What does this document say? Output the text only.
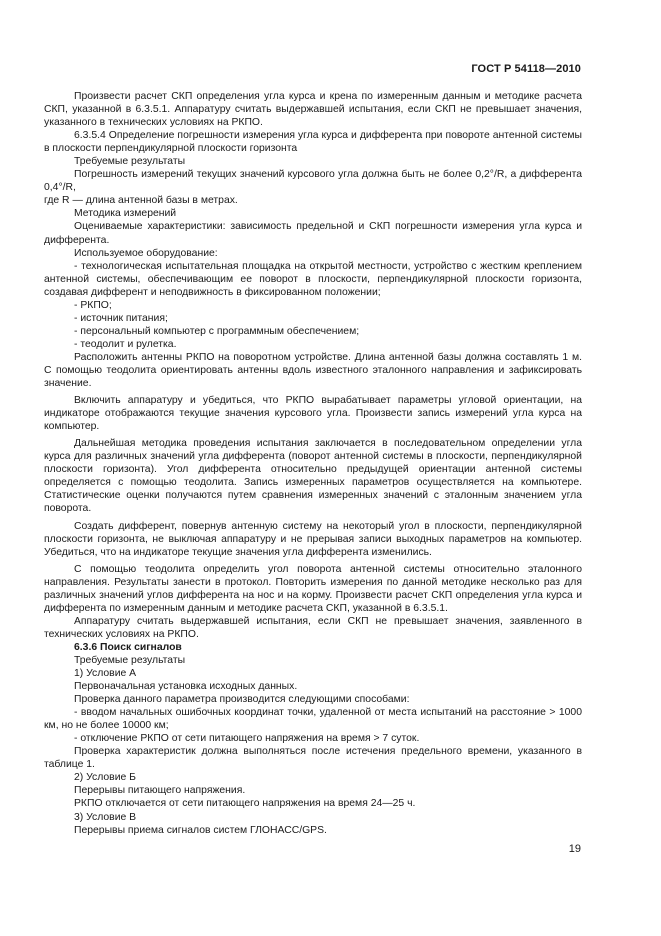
ГОСТ Р 54118—2010

Произвести расчет СКП определения угла курса и крена по измеренным данным и методике расчета СКП, указанной в 6.3.5.1. Аппаратуру считать выдержавшей испытания, если СКП не превышает значения, указанного в технических условиях на РКПО.

6.3.5.4 Определение погрешности измерения угла курса и дифферента при повороте антенной системы в плоскости перпендикулярной плоскости горизонта

Требуемые результаты

Погрешность измерений текущих значений курсового угла должна быть не более 0,2°/R, а дифферента 0,4°/R,

где R — длина антенной базы в метрах.

Методика измерений

Оцениваемые характеристики: зависимость предельной и СКП погрешности измерения угла курса и дифферента.

Используемое оборудование:

- технологическая испытательная площадка на открытой местности, устройство с жестким креплением антенной системы, обеспечивающим ее поворот в плоскости, перпендикулярной плоскости горизонта, создавая дифферент и неподвижность в фиксированном положении;

- РКПО;

- источник питания;

- персональный компьютер с программным обеспечением;

- теодолит и рулетка.

Расположить антенны РКПО на поворотном устройстве. Длина антенной базы должна составлять 1 м. С помощью теодолита ориентировать антенны вдоль известного эталонного направления и зафиксировать значение.

Включить аппаратуру и убедиться, что РКПО вырабатывает параметры угловой ориентации, на индикаторе отображаются текущие значения курсового угла. Произвести запись измерений угла курса на компьютер.

Дальнейшая методика проведения испытания заключается в последовательном определении угла курса для различных значений угла дифферента (поворот антенной системы в плоскости, перпендикулярной плоскости горизонта). Угол дифферента относительно предыдущей ориентации антенной системы определяется с помощью теодолита. Запись измеренных параметров осуществляется на компьютере. Статистические оценки получаются путем сравнения измеренных значений с эталонным значением угла поворота.

Создать дифферент, повернув антенную систему на некоторый угол в плоскости, перпендикулярной плоскости горизонта, не выключая аппаратуру и не прерывая записи выходных параметров на компьютер. Убедиться, что на индикаторе текущие значения угла дифферента изменились.

С помощью теодолита определить угол поворота антенной системы относительно эталонного направления. Результаты занести в протокол. Повторить измерения по данной методике несколько раз для различных значений углов дифферента на нос и на корму. Произвести расчет СКП определения угла курса и дифферента по измеренным данным и методике расчета СКП, указанной в 6.3.5.1.

Аппаратуру считать выдержавшей испытания, если СКП не превышает значения, заявленного в технических условиях на РКПО.

6.3.6 Поиск сигналов

Требуемые результаты

1) Условие А

Первоначальная установка исходных данных.

Проверка данного параметра производится следующими способами:

- вводом начальных ошибочных координат точки, удаленной от места испытаний на расстояние > 1000 км, но не более 10000 км;

- отключение РКПО от сети питающего напряжения на время > 7 суток.

Проверка характеристик должна выполняться после истечения предельного времени, указанного в таблице 1.

2) Условие Б

Перерывы питающего напряжения.

РКПО отключается от сети питающего напряжения на время 24—25 ч.

3) Условие В

Перерывы приема сигналов систем ГЛОНАСС/GPS.

19
